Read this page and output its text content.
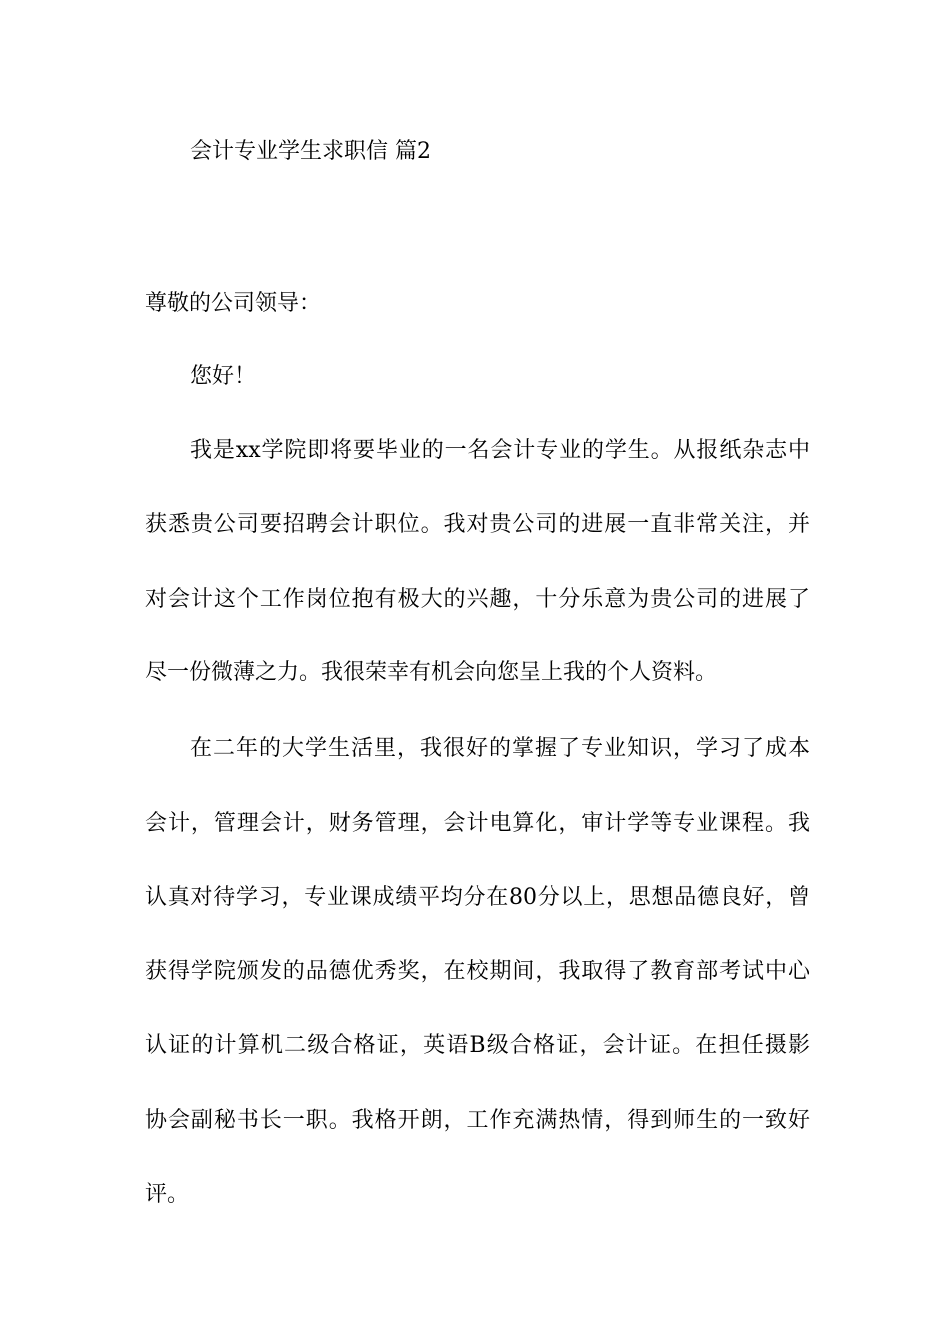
会计专业学生求职信 篇2
尊敬的公司领导：
您好！
我是xx学院即将要毕业的一名会计专业的学生。从报纸杂志中
获悉贵公司要招聘会计职位。我对贵公司的进展一直非常关注，并
对会计这个工作岗位抱有极大的兴趣，十分乐意为贵公司的进展了
尽一份微薄之力。我很荣幸有机会向您呈上我的个人资料。
在二年的大学生活里，我很好的掌握了专业知识，学习了成本
会计，管理会计，财务管理，会计电算化，审计学等专业课程。我
认真对待学习，专业课成绩平均分在80分以上，思想品德良好，曾
获得学院颁发的品德优秀奖，在校期间，我取得了教育部考试中心
认证的计算机二级合格证，英语B级合格证，会计证。在担任摄影
协会副秘书长一职。我格开朗，工作充满热情，得到师生的一致好
评。
